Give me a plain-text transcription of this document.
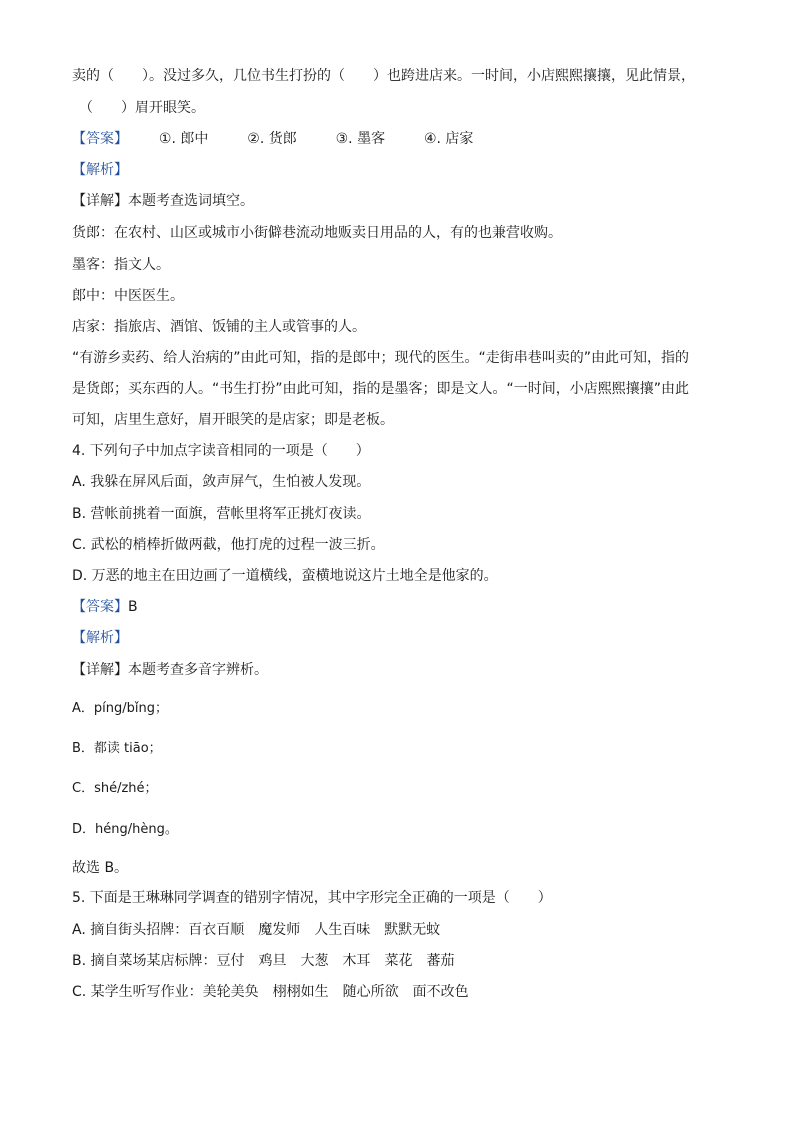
卖的（　　）。没过多久，几位书生打扮的（　　）也跨进店来。一时间，小店熙熙攘攘，见此情景，
（　　）眉开眼笑。
【答案】 ①. 郎中	②. 货郎	③. 墨客	④. 店家
【解析】
【详解】本题考查选词填空。
货郎：在农村、山区或城市小街僻巷流动地贩卖日用品的人，有的也兼营收购。
墨客：指文人。
郎中：中医医生。
店家：指旅店、酒馆、饭铺的主人或管事的人。
“有游乡卖药、给人治病的”由此可知，指的是郎中；现代的医生。“走街串巷叫卖的”由此可知，指的
是货郎；买东西的人。“书生打扮”由此可知，指的是墨客；即是文人。“一时间，小店熙熙攘攘”由此
可知，店里生意好，眉开眼笑的是店家；即是老板。
4. 下列句子中加点字读音相同的一项是（　　）
A. 我躲在屏风后面，敛声屏气，生怕被人发现。
B. 营帐前挑着一面旗，营帐里将军正挑灯夜读。
C. 武松的梢棒折做两截，他打虎的过程一波三折。
D. 万恶的地主在田边画了一道横线，蛮横地说这片土地全是他家的。
【答案】B
【解析】
【详解】本题考查多音字辨析。
A．píng/bǐng；
B．都读 tiāo；
C．shé/zhé；
D．héng/hèng。
故选 B。
5. 下面是王琳琳同学调查的错别字情况，其中字形完全正确的一项是（　　）
A. 摘自街头招牌：百衣百顺　魔发师　人生百味　默默无蚊
B. 摘自菜场某店标牌：豆付　鸡旦　大葱　木耳　菜花　蕃茄
C. 某学生听写作业：美轮美奂　栩栩如生　随心所欲　面不改色
